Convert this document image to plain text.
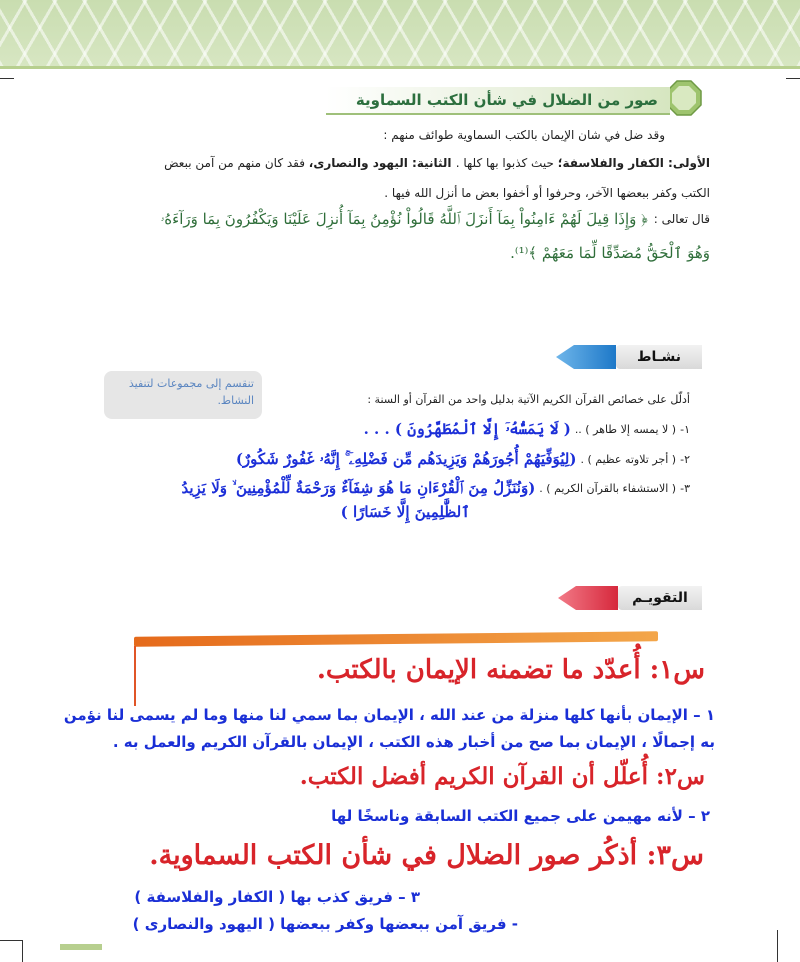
صور من الضلال في شأن الكتب السماوية
وقد ضل في شان الإيمان بالكتب السماوية طوائف منهم :
الأولى: الكفار والفلاسفة؛ حيث كذبوا بها كلها . الثانية: اليهود والنصارى، فقد كان منهم من آمن ببعض
الكتب وكفر ببعضها الآخر، وحرفوا أو أخفوا بعض ما أنزل الله فيها .
قال تعالى :
﴿ وَإِذَا قِيلَ لَهُمْ ءَامِنُواْ بِمَآ أَنزَلَ ٱللَّهُ قَالُواْ نُؤْمِنُ بِمَآ أُنزِلَ عَلَيْنَا وَيَكْفُرُونَ بِمَا وَرَآءَهُۥ
وَهُوَ ٱلْحَقُّ مُصَدِّقًا لِّمَا مَعَهُمْ ﴾⁽¹⁾.
نشـاط
تنقسم إلى مجموعات لتنفيذ النشاط.	أدلّل على خصائص القرآن الكريم الآتية بدليل واحد من القرآن أو السنة :
١-
( لا يمسه إلا طاهر ) ..
( لَا يَمَسُّهُۥٓ إِلَّا ٱلْمُطَهَّرُونَ ) . . .
٢-
( أجر تلاوته عظيم ) .
(لِيُوَفِّيَهُمْ أُجُورَهُمْ وَيَزِيدَهُم مِّن فَضْلِهِۦٓ ۚ إِنَّهُۥ غَفُورٌ شَكُورٌ)
٣-
( الاستشفاء بالقرآن الكريم ) .
(وَنُنَزِّلُ مِنَ ٱلْقُرْءَانِ مَا هُوَ شِفَآءٌ وَرَحْمَةٌ لِّلْمُؤْمِنِينَ ۙ وَلَا يَزِيدُ
ٱلظَّٰلِمِينَ إِلَّا خَسَارًا )
التقويـم
س١: أُعدّد ما تضمنه الإيمان بالكتب.
١ – الإيمان بأنها كلها منزلة من عند الله ، الإيمان بما سمي لنا منها وما لم يسمى لنا نؤمن
به إجمالًا ، الإيمان بما صح من أخبار هذه الكتب ، الإيمان بالقرآن الكريم والعمل به .
س٢: أُعلّل أن القرآن الكريم أفضل الكتب.
٢ – لأنه مهيمن على جميع الكتب السابقة وناسخًا لها
س٣: أذكُر صور الضلال في شأن الكتب السماوية.
٣ – فريق كذب بها ( الكفار والفلاسفة )
- فريق آمن ببعضها وكفر ببعضها ( اليهود والنصارى )
